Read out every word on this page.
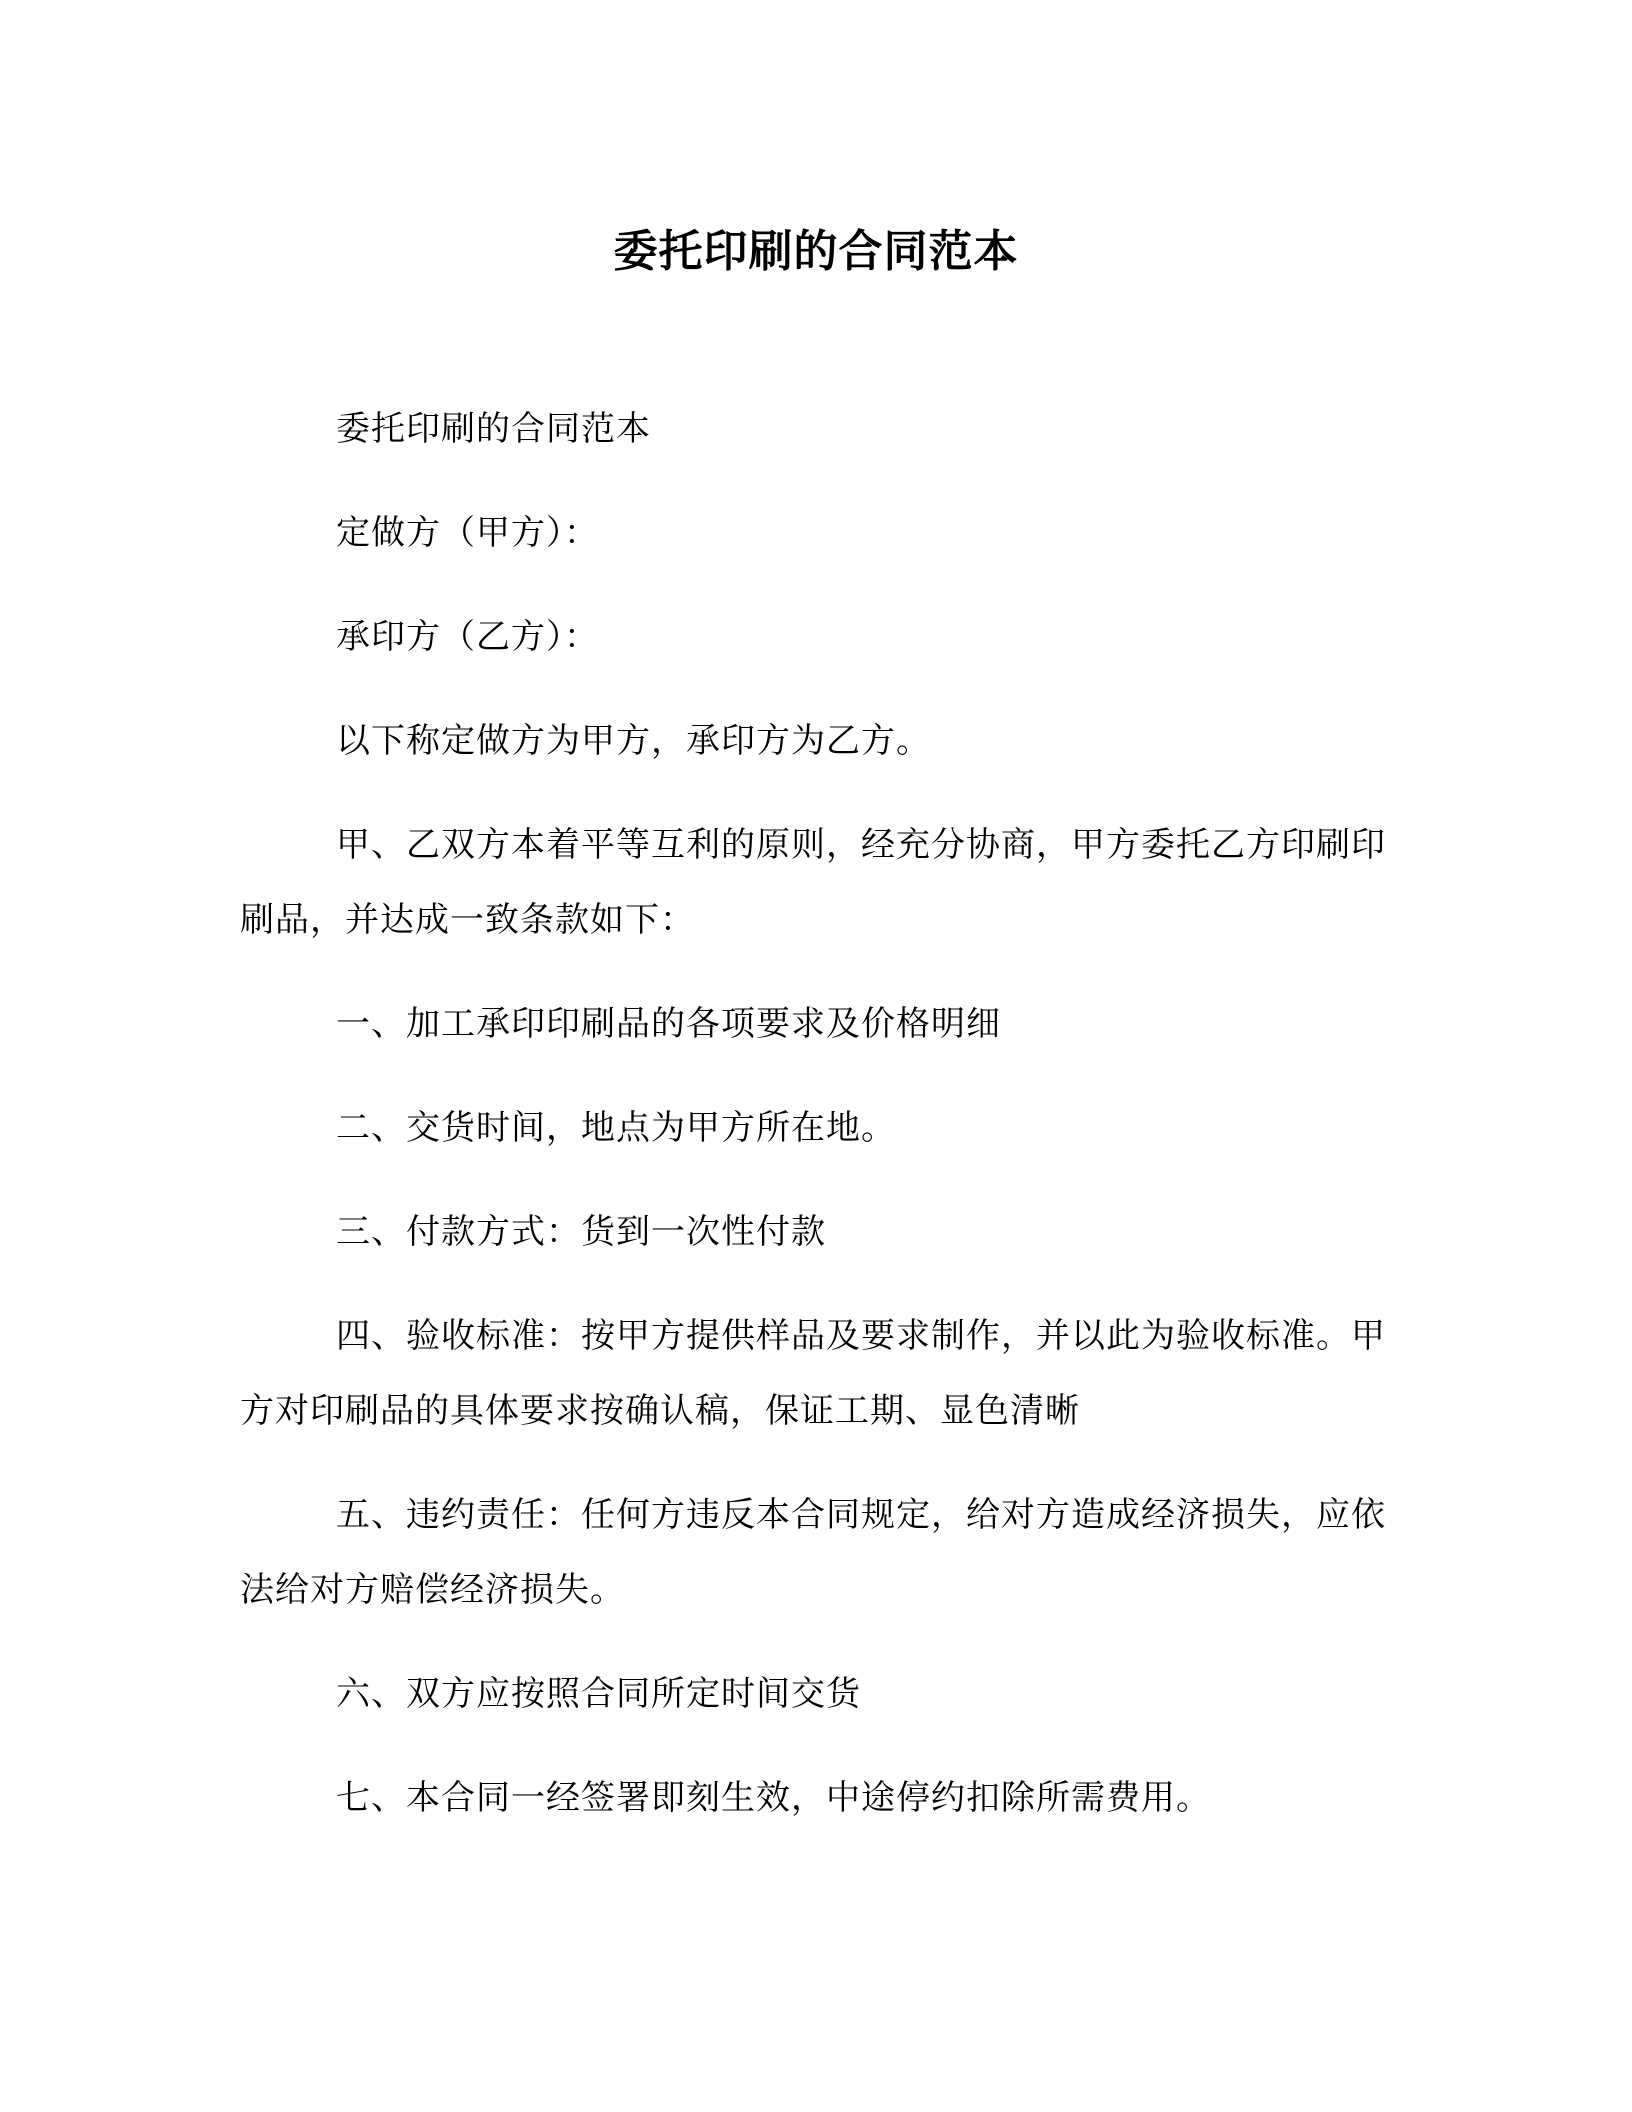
委托印刷的合同范本

委托印刷的合同范本

定做方（甲方）：

承印方（乙方）：

以下称定做方为甲方，承印方为乙方。

甲、乙双方本着平等互利的原则，经充分协商，甲方委托乙方印刷印刷品，并达成一致条款如下：

一、加工承印印刷品的各项要求及价格明细

二、交货时间，地点为甲方所在地。

三、付款方式：货到一次性付款

四、验收标准：按甲方提供样品及要求制作，并以此为验收标准。甲方对印刷品的具体要求按确认稿，保证工期、显色清晰

五、违约责任：任何方违反本合同规定，给对方造成经济损失，应依法给对方赔偿经济损失。

六、双方应按照合同所定时间交货

七、本合同一经签署即刻生效，中途停约扣除所需费用。
